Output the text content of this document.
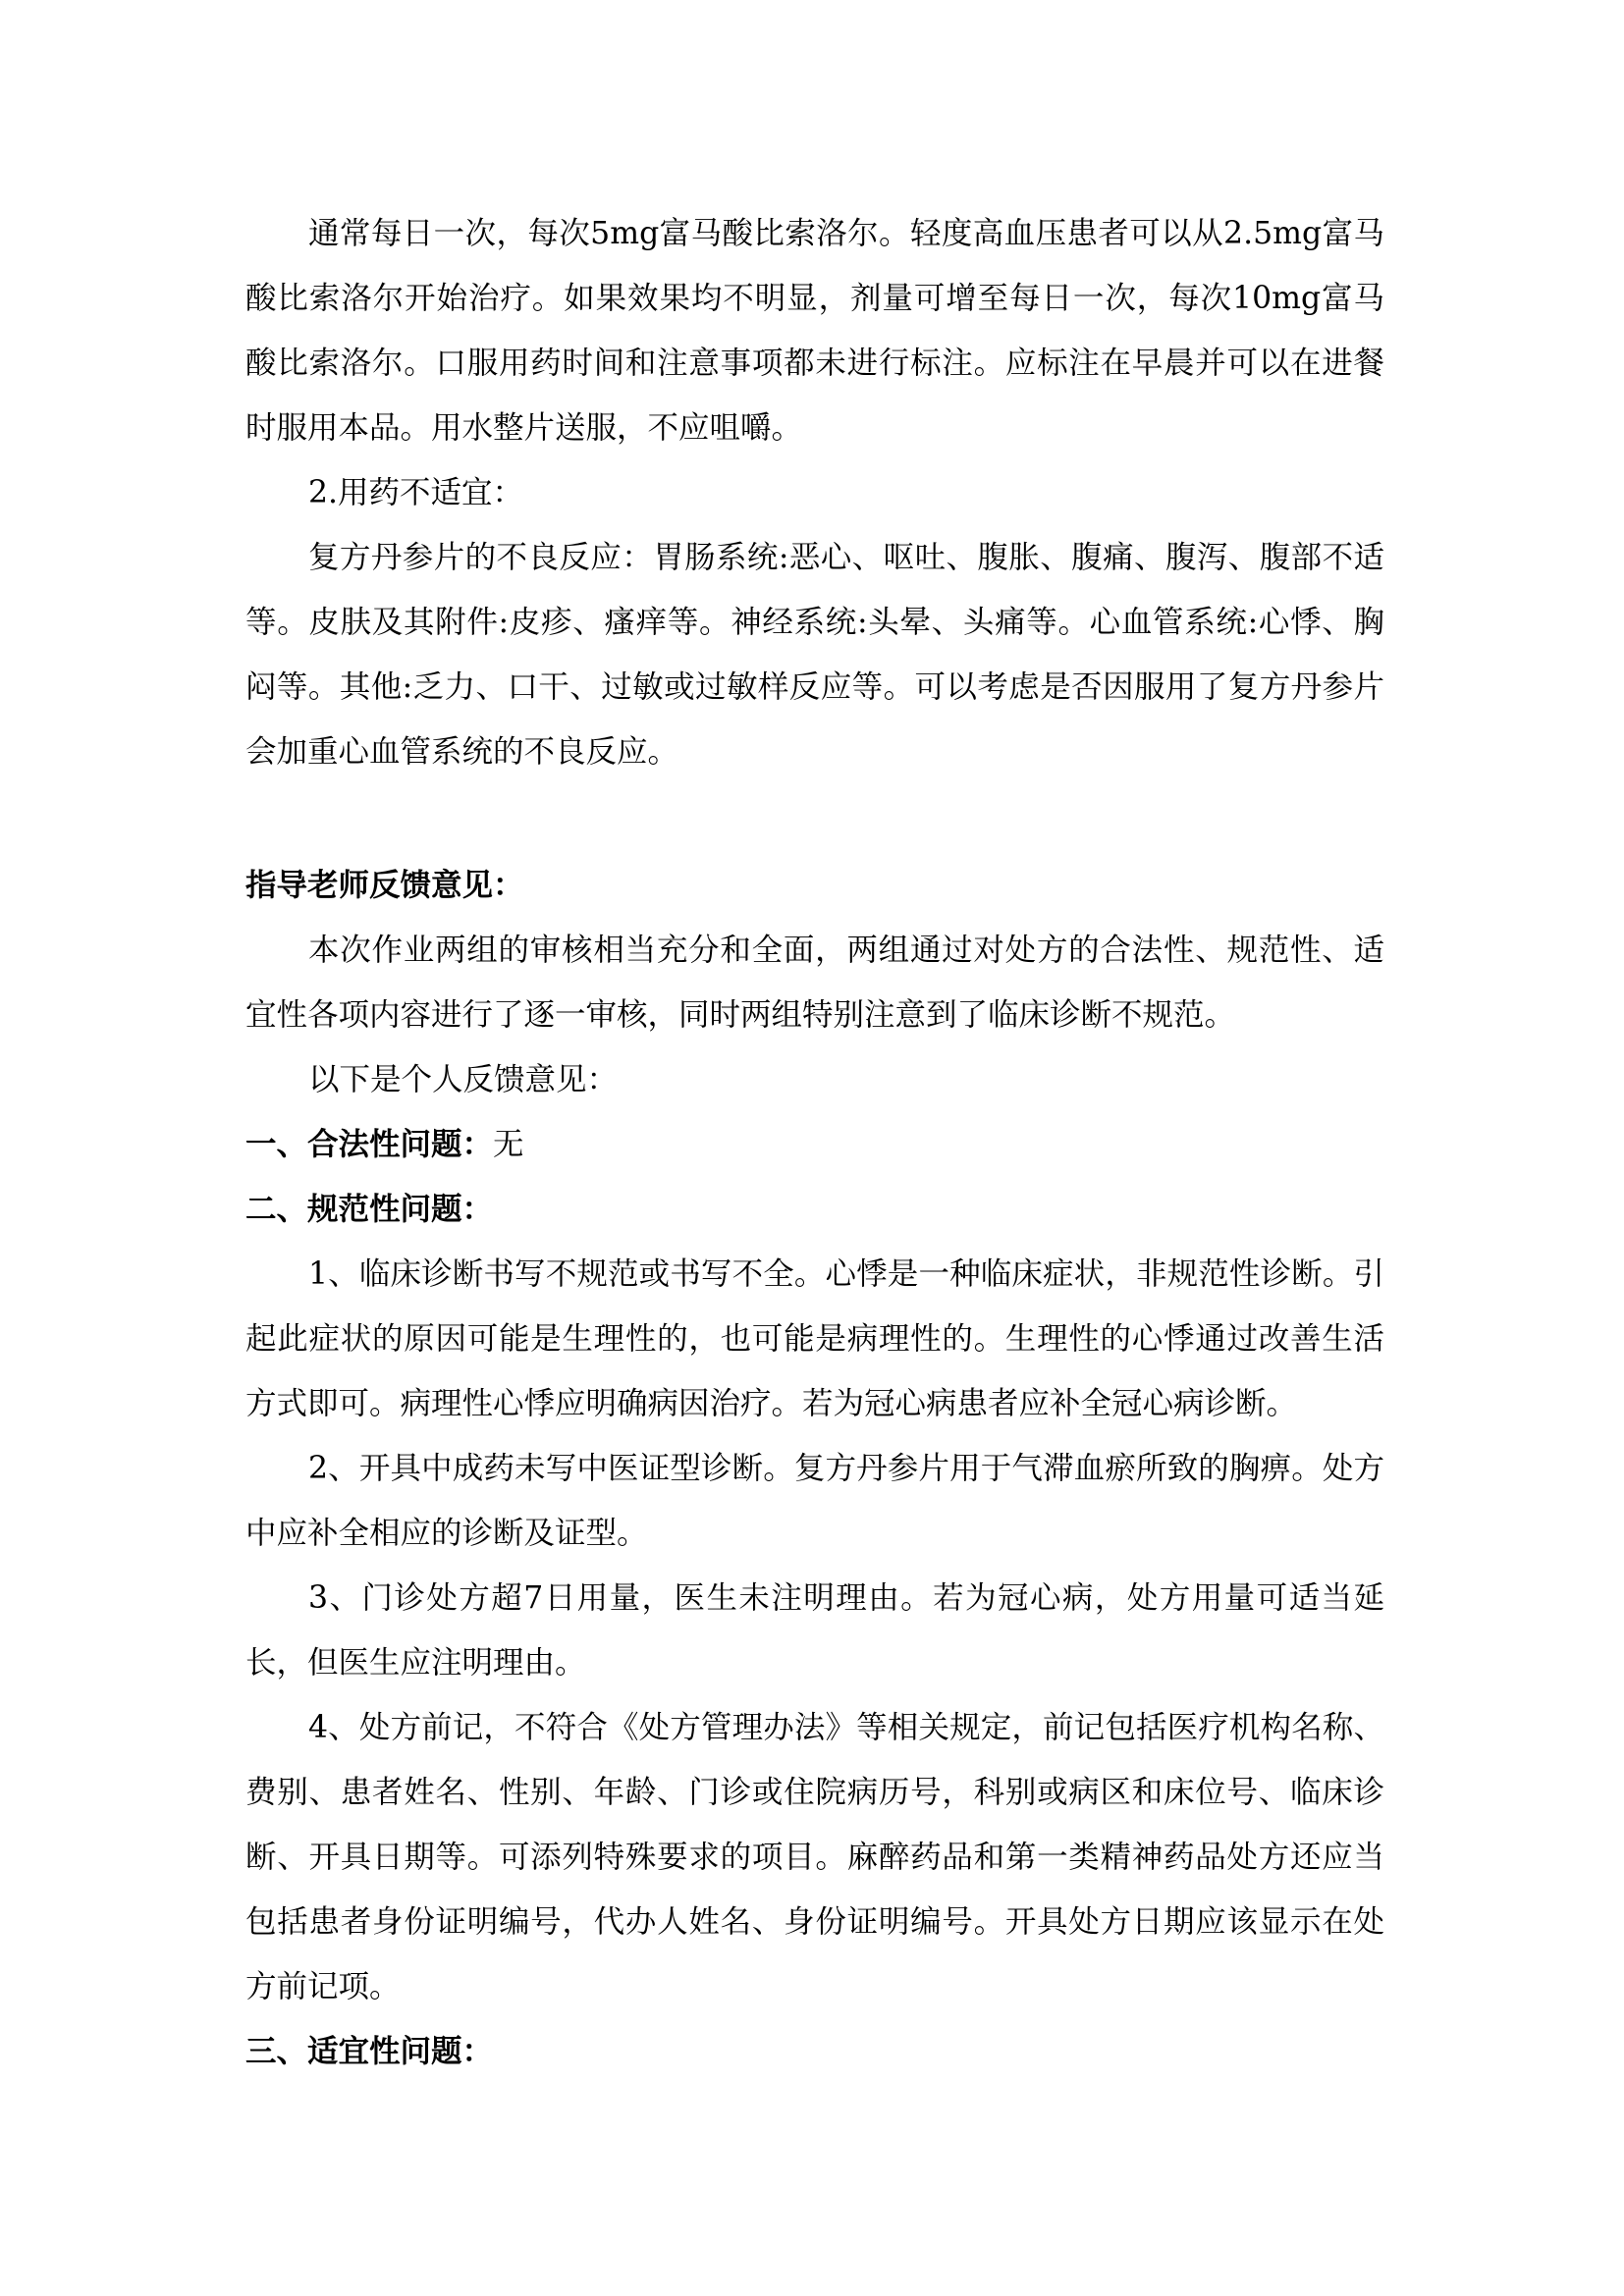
通常每日一次，每次5mg富马酸比索洛尔。轻度高血压患者可以从2.5mg富马酸比索洛尔开始治疗。如果效果均不明显，剂量可增至每日一次，每次10mg富马酸比索洛尔。口服用药时间和注意事项都未进行标注。应标注在早晨并可以在进餐时服用本品。用水整片送服，不应咀嚼。

2.用药不适宜：

复方丹参片的不良反应：胃肠系统:恶心、呕吐、腹胀、腹痛、腹泻、腹部不适等。皮肤及其附件:皮疹、瘙痒等。神经系统:头晕、头痛等。心血管系统:心悸、胸闷等。其他:乏力、口干、过敏或过敏样反应等。可以考虑是否因服用了复方丹参片会加重心血管系统的不良反应。

指导老师反馈意见：

本次作业两组的审核相当充分和全面，两组通过对处方的合法性、规范性、适宜性各项内容进行了逐一审核，同时两组特别注意到了临床诊断不规范。

以下是个人反馈意见：

一、合法性问题：无

二、规范性问题：

1、临床诊断书写不规范或书写不全。心悸是一种临床症状，非规范性诊断。引起此症状的原因可能是生理性的，也可能是病理性的。生理性的心悸通过改善生活方式即可。病理性心悸应明确病因治疗。若为冠心病患者应补全冠心病诊断。

2、开具中成药未写中医证型诊断。复方丹参片用于气滞血瘀所致的胸痹。处方中应补全相应的诊断及证型。

3、门诊处方超7日用量，医生未注明理由。若为冠心病，处方用量可适当延长，但医生应注明理由。

4、处方前记，不符合《处方管理办法》等相关规定，前记包括医疗机构名称、费别、患者姓名、性别、年龄、门诊或住院病历号，科别或病区和床位号、临床诊断、开具日期等。可添列特殊要求的项目。麻醉药品和第一类精神药品处方还应当包括患者身份证明编号，代办人姓名、身份证明编号。开具处方日期应该显示在处方前记项。

三、适宜性问题：
